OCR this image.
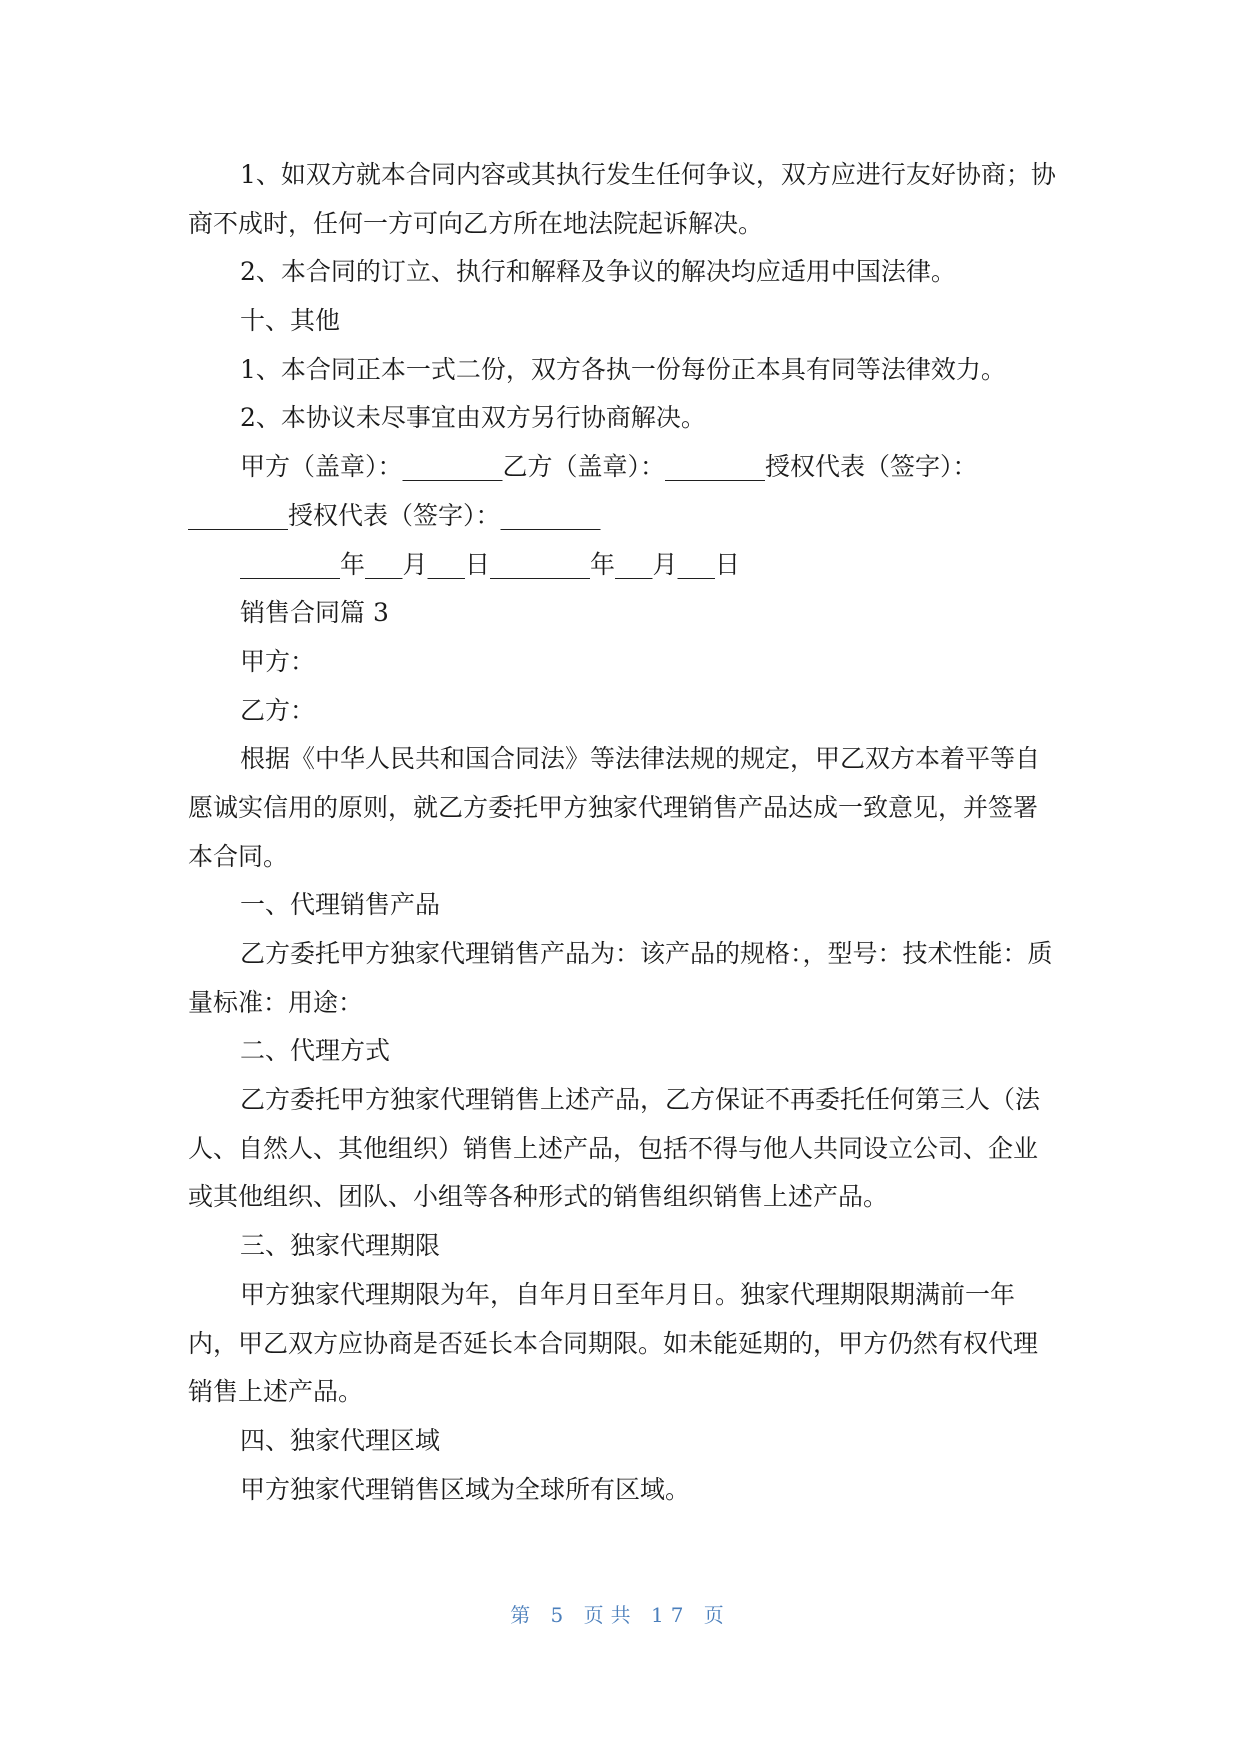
1、如双方就本合同内容或其执行发生任何争议，双方应进行友好协商；协
商不成时，任何一方可向乙方所在地法院起诉解决。
2、本合同的订立、执行和解释及争议的解决均应适用中国法律。
十、其他
1、本合同正本一式二份，双方各执一份每份正本具有同等法律效力。
2、本协议未尽事宜由双方另行协商解决。
甲方（盖章）：________乙方（盖章）：________授权代表（签字）：
________授权代表（签字）：________
________年___月___日________年___月___日
销售合同篇 3
甲方：
乙方：
根据《中华人民共和国合同法》等法律法规的规定，甲乙双方本着平等自
愿诚实信用的原则，就乙方委托甲方独家代理销售产品达成一致意见，并签署
本合同。
一、代理销售产品
乙方委托甲方独家代理销售产品为：该产品的规格：，型号：技术性能：质
量标准：用途：
二、代理方式
乙方委托甲方独家代理销售上述产品，乙方保证不再委托任何第三人（法
人、自然人、其他组织）销售上述产品，包括不得与他人共同设立公司、企业
或其他组织、团队、小组等各种形式的销售组织销售上述产品。
三、独家代理期限
甲方独家代理期限为年，自年月日至年月日。独家代理期限期满前一年
内，甲乙双方应协商是否延长本合同期限。如未能延期的，甲方仍然有权代理
销售上述产品。
四、独家代理区域
甲方独家代理销售区域为全球所有区域。
第 5 页共 17 页
